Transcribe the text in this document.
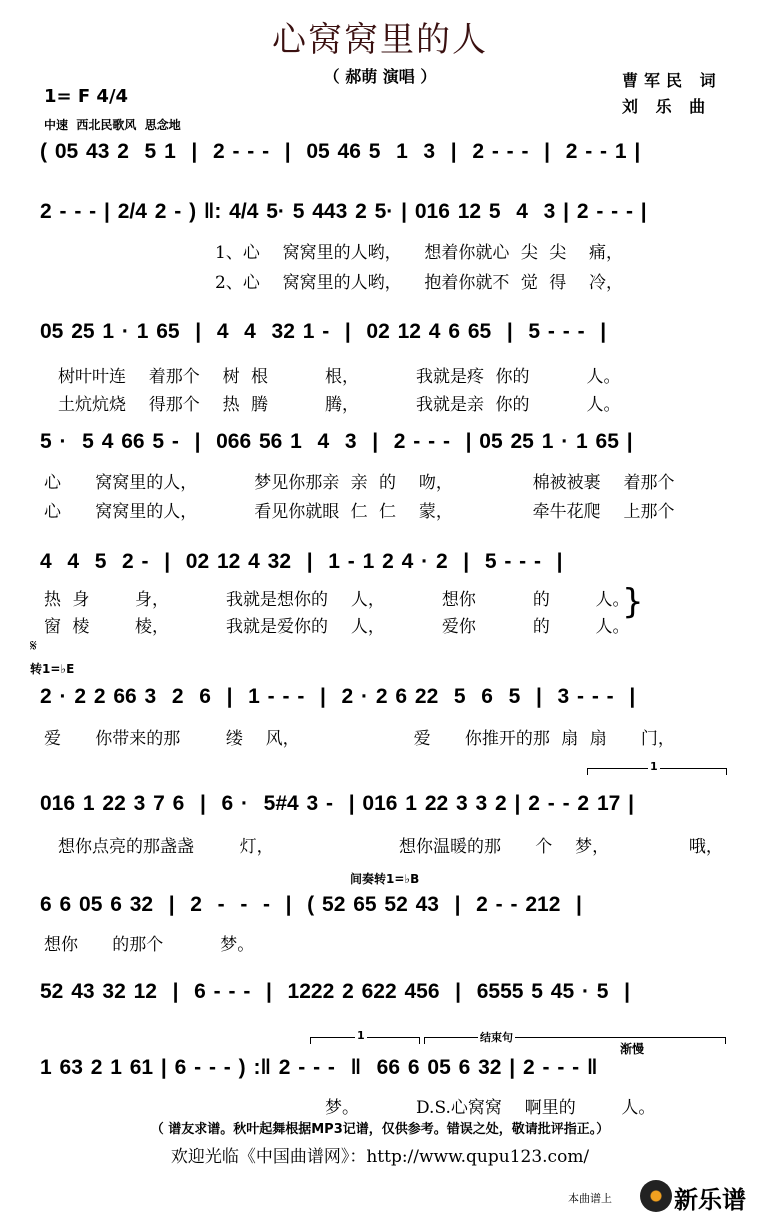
心窝窝里的人
（ 郝萌 演唱 ）	曹军民 词
刘 乐 曲
1= F 4/4
中速  西北民歌风  思念地
( 05 43 2  5 1  |  2 - - -  |  05 46 5  1  3  |  2 - - -  |  2 - - 1 |
2 - - - | 2/4 2 - ) ‖: 4/4 5· 5 443 2 5· | 016 12 5  4  3 | 2 - - - |
1、心  窝窝里的人哟，  想着你就心 尖 尖  痛，
2、心  窝窝里的人哟，  抱着你就不 觉 得  冷，
05 25 1 · 1 65  |  4  4  32 1 -  |  02 12 4 6 65  |  5 - - -  |
树叶叶连  着那个  树 根     根，     我就是疼 你的     人。
土炕炕烧  得那个  热 腾     腾，     我就是亲 你的     人。
5 ·  5 4 66 5 -  |  066 56 1  4  3  |  2 - - -  | 05 25 1 · 1 65 |
心   窝窝里的人，     梦见你那亲 亲 的  吻，       棉被被裹  着那个
心   窝窝里的人，     看见你就眼 仁 仁  蒙，       牵牛花爬  上那个
4  4  5  2 -  |  02 12 4 32  |  1 - 1 2 4 · 2  |  5 - - -  |
热 身    身，     我就是想你的  人，     想你     的    人。
窗 棱    棱，     我就是爱你的  人，     爱你     的    人。
}
𝄋
转1=♭E
2 · 2 2 66 3  2  6  |  1 - - -  |  2 · 2 6 22  5  6  5  |  3 - - -  |
爱   你带来的那    缕  风，          爱   你推开的那 扇 扇   门，
1
016 1 22 3 7 6  |  6 ·  5#4 3 -  | 016 1 22 3 3 2 | 2 - - 2 17 |
想你点亮的那盏盏    灯，           想你温暖的那   个  梦，       哦，
间奏转1=♭B
6 6 05 6 32  |  2  -  -  -  |  ( 52 65 52 43  |  2 - - 212  |
想你   的那个     梦。
52 43 32 12  |  6 - - -  |  1222 2 622 456  |  6555 5 45 · 5  |
1	结束句
渐慢
1 63 2 1 61 | 6 - - - ) :‖ 2 - - -  ‖  66 6 05 6 32 | 2 - - - ‖
梦。     D.S.心窝窝  啊里的    人。
（ 谱友求谱。秋叶起舞根据MP3记谱，仅供参考。错误之处，敬请批评指正。）
欢迎光临《中国曲谱网》：http://www.qupu123.com/
本曲谱上	新乐谱
